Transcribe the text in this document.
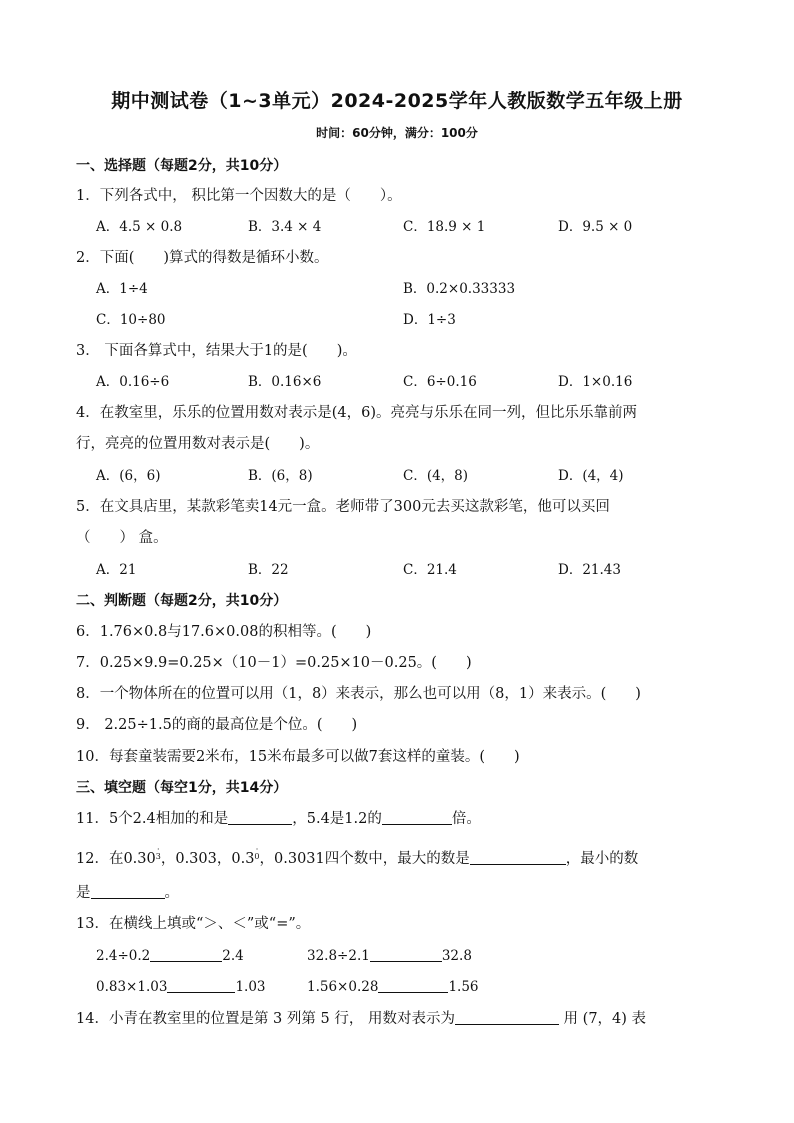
期中测试卷（1~3单元）2024-2025学年人教版数学五年级上册
时间：60分钟，满分：100分
一、选择题（每题2分，共10分）
1．下列各式中， 积比第一个因数大的是（　　）。
A．4.5 × 0.8	B．3.4 × 4	C．18.9 × 1	D．9.5 × 0
2．下面(　　)算式的得数是循环小数。
A．1÷4	B．0.2×0.33333
C．10÷80	D．1÷3
3． 下面各算式中，结果大于1的是(　　)。
A．0.16÷6	B．0.16×6	C．6÷0.16	D．1×0.16
4．在教室里，乐乐的位置用数对表示是(4，6)。亮亮与乐乐在同一列，但比乐乐靠前两
行，亮亮的位置用数对表示是(　　)。
A．(6，6)	B．(6，8)	C．(4，8)	D．(4，4)
5．在文具店里，某款彩笔卖14元一盒。老师带了300元去买这款彩笔，他可以买回
（　　） 盒。
A．21	B．22	C．21.4	D．21.43
二、判断题（每题2分，共10分）
6．1.76×0.8与17.6×0.08的积相等。(　　)
7．0.25×9.9=0.25×（10－1）=0.25×10－0.25。(　　)
8．一个物体所在的位置可以用（1，8）来表示，那么也可以用（8，1）来表示。(　　)
9． 2.25÷1.5的商的最高位是个位。(　　)
10．每套童装需要2米布，15米布最多可以做7套这样的童装。(　　)
三、填空题（每空1分，共14分）
11．5个2.4相加的和是	，5.4是1.2的	倍。
12．在0.30
·
3，0.303，0.3
·
0，0.3031四个数中，最大的数是	，最小的数
是	。
13．在横线上填或“＞、＜”或“=”。
2.4÷0.2	2.4	32.8÷2.1	32.8
0.83×1.03	1.03	1.56×0.28	1.56
14．小青在教室里的位置是第 3 列第 5 行， 用数对表示为	用 (7，4) 表
